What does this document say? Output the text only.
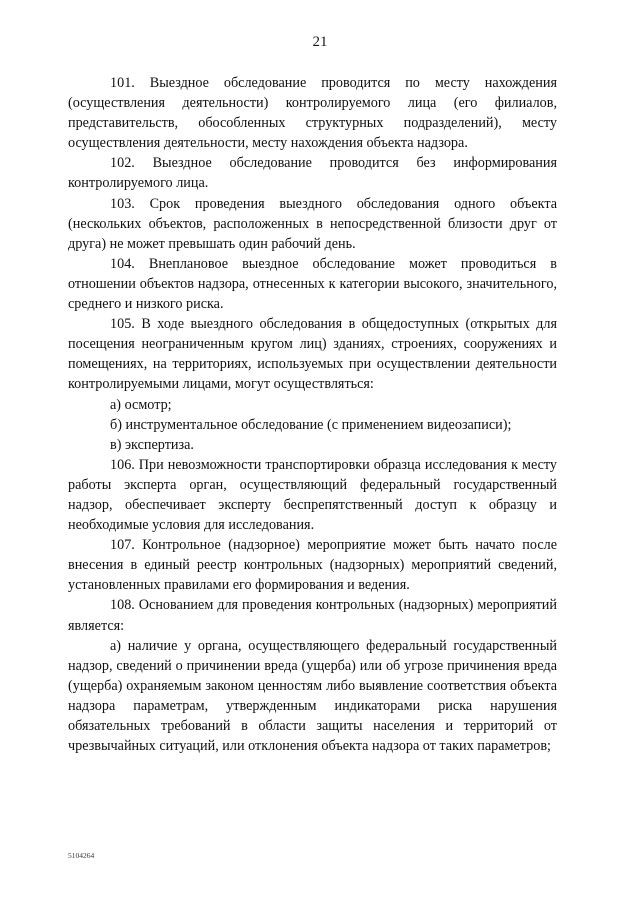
21

101. Выездное обследование проводится по месту нахождения (осуществления деятельности) контролируемого лица (его филиалов, представительств, обособленных структурных подразделений), месту осуществления деятельности, месту нахождения объекта надзора.

102. Выездное обследование проводится без информирования контролируемого лица.

103. Срок проведения выездного обследования одного объекта (нескольких объектов, расположенных в непосредственной близости друг от друга) не может превышать один рабочий день.

104. Внеплановое выездное обследование может проводиться в отношении объектов надзора, отнесенных к категории высокого, значительного, среднего и низкого риска.

105. В ходе выездного обследования в общедоступных (открытых для посещения неограниченным кругом лиц) зданиях, строениях, сооружениях и помещениях, на территориях, используемых при осуществлении деятельности контролируемыми лицами, могут осуществляться:

а) осмотр;

б) инструментальное обследование (с применением видеозаписи);

в) экспертиза.

106. При невозможности транспортировки образца исследования к месту работы эксперта орган, осуществляющий федеральный государственный надзор, обеспечивает эксперту беспрепятственный доступ к образцу и необходимые условия для исследования.

107. Контрольное (надзорное) мероприятие может быть начато после внесения в единый реестр контрольных (надзорных) мероприятий сведений, установленных правилами его формирования и ведения.

108. Основанием для проведения контрольных (надзорных) мероприятий является:

а) наличие у органа, осуществляющего федеральный государственный надзор, сведений о причинении вреда (ущерба) или об угрозе причинения вреда (ущерба) охраняемым законом ценностям либо выявление соответствия объекта надзора параметрам, утвержденным индикаторами риска нарушения обязательных требований в области защиты населения и территорий от чрезвычайных ситуаций, или отклонения объекта надзора от таких параметров;

5104264
